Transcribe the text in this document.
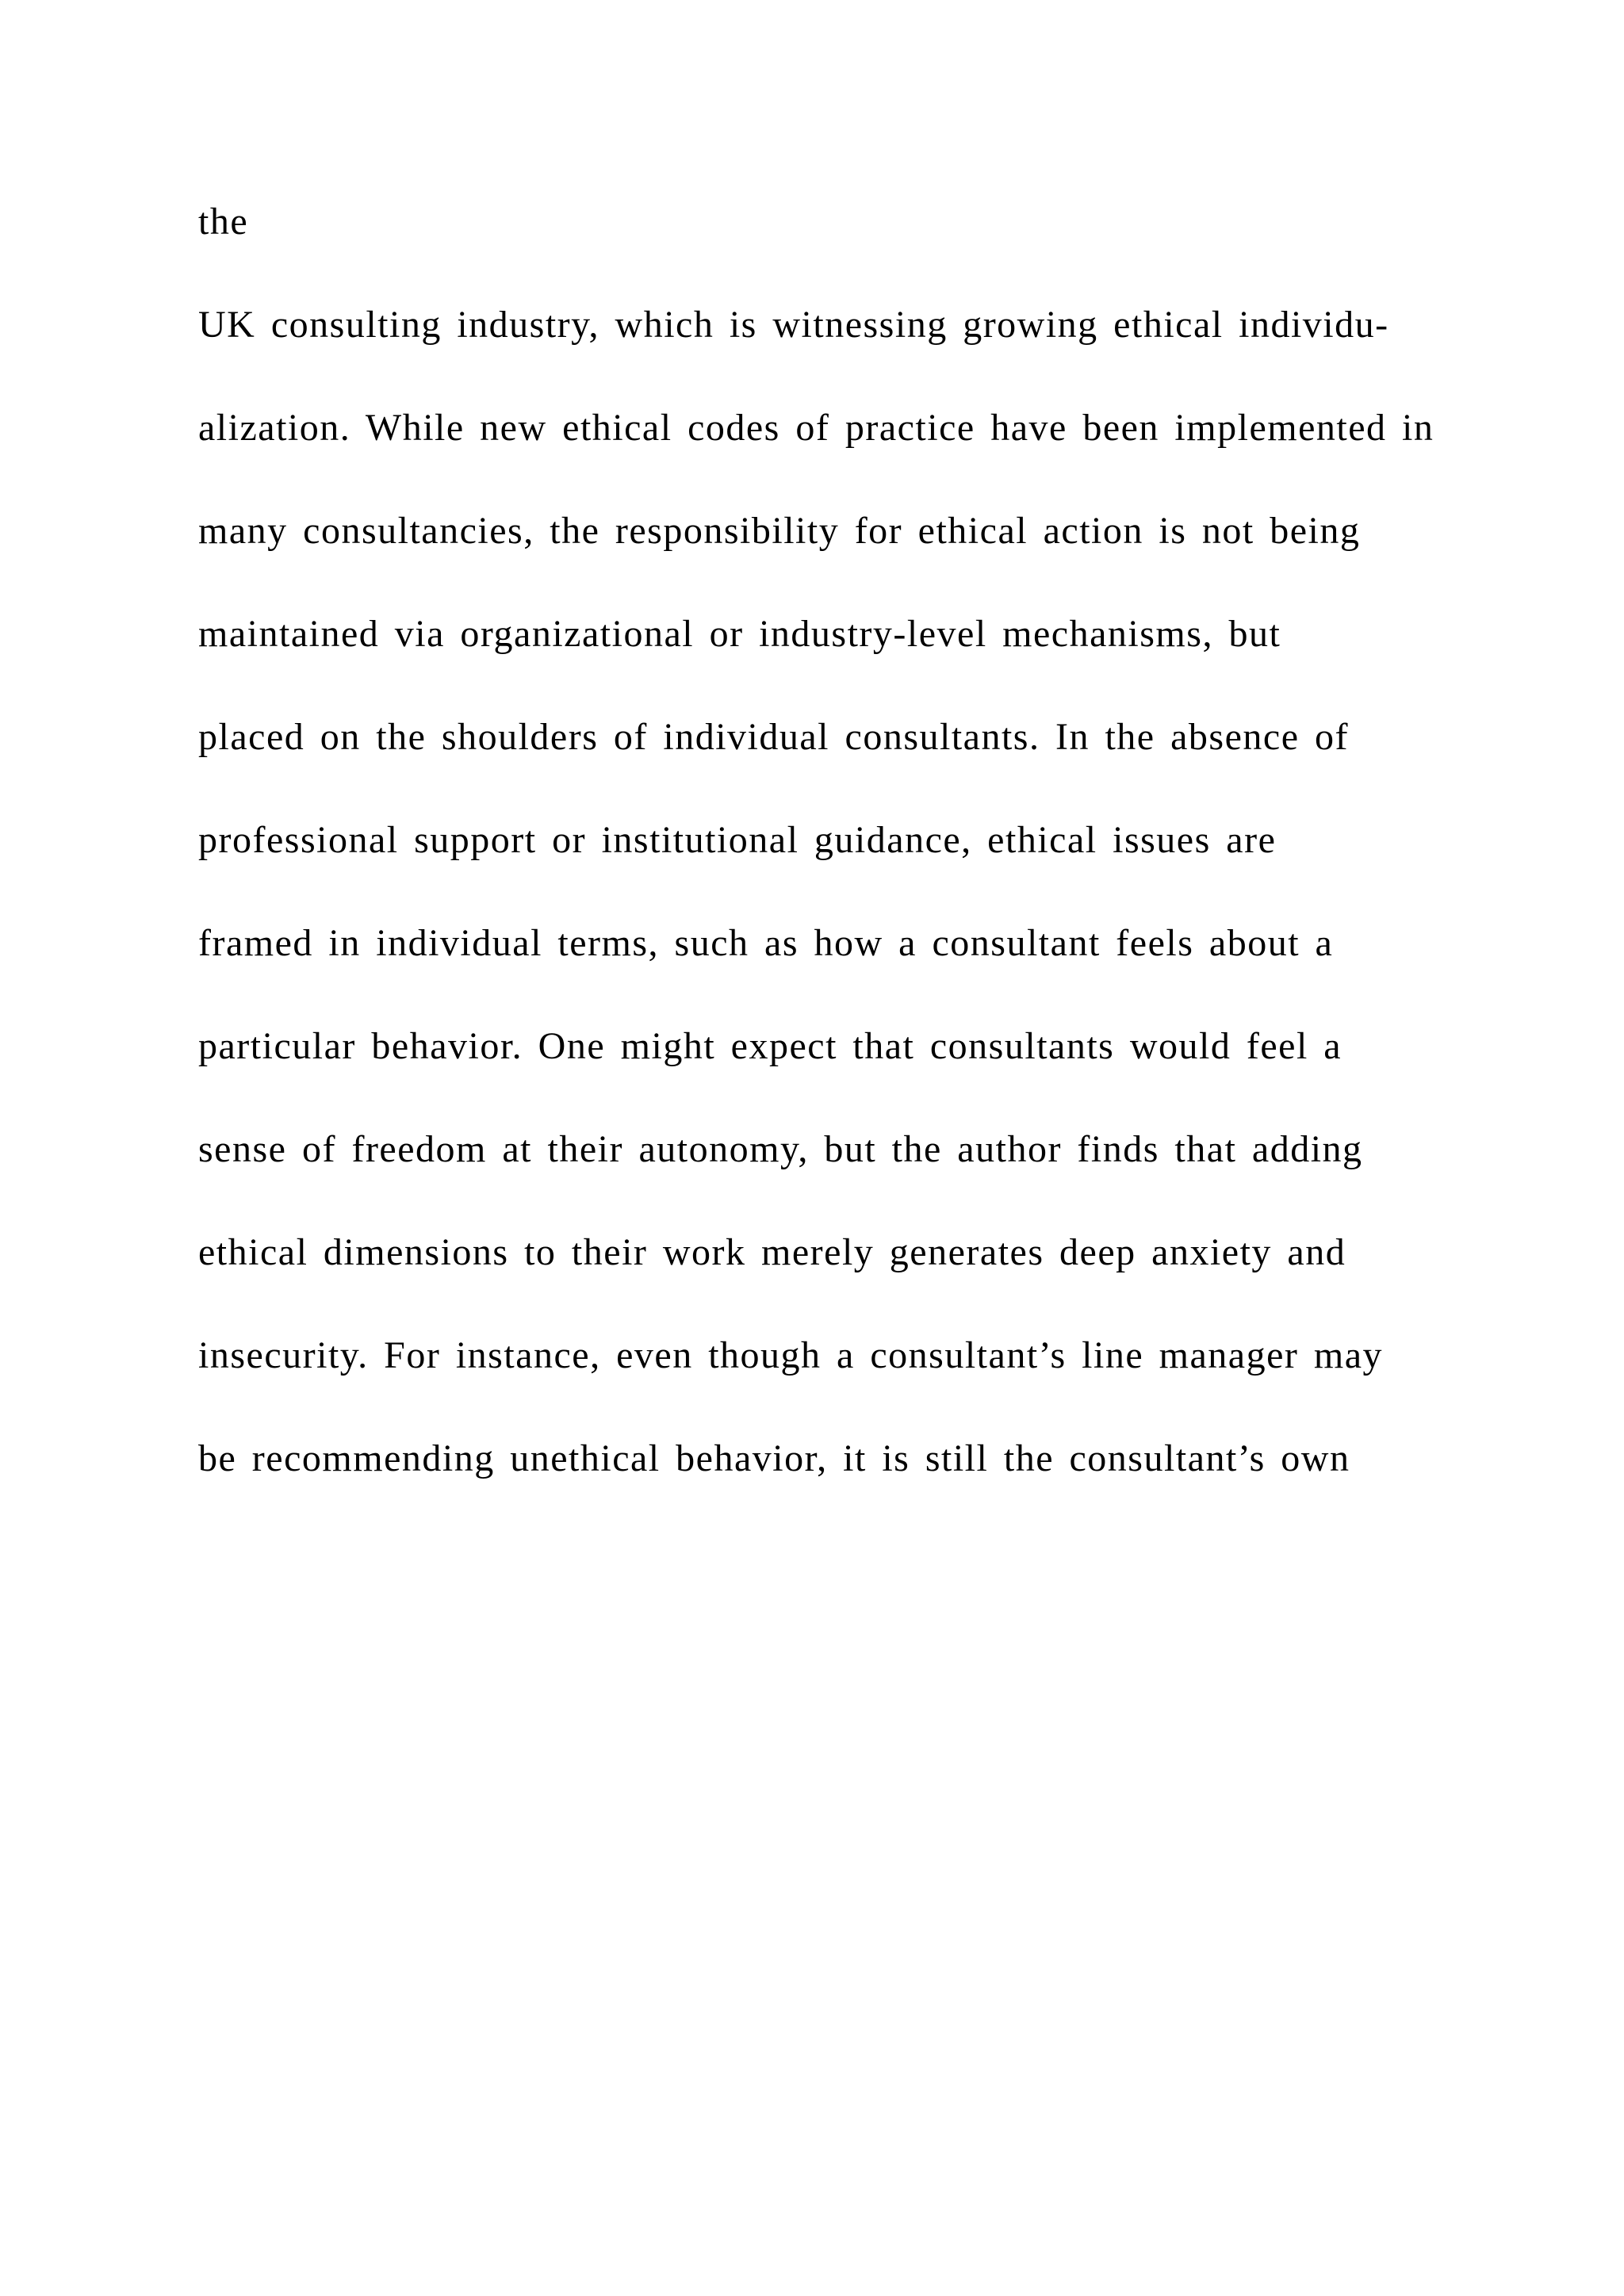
the

UK consulting industry, which is witnessing growing ethical individu-

alization. While new ethical codes of practice have been implemented in

many consultancies, the responsibility for ethical action is not being

maintained via organizational or industry-level mechanisms, but

placed on the shoulders of individual consultants. In the absence of

professional support or institutional guidance, ethical issues are

framed in individual terms, such as how a consultant feels about a

particular behavior. One might expect that consultants would feel a

sense of freedom at their autonomy, but the author finds that adding

ethical dimensions to their work merely generates deep anxiety and

insecurity. For instance, even though a consultant’s line manager may

be recommending unethical behavior, it is still the consultant’s own
